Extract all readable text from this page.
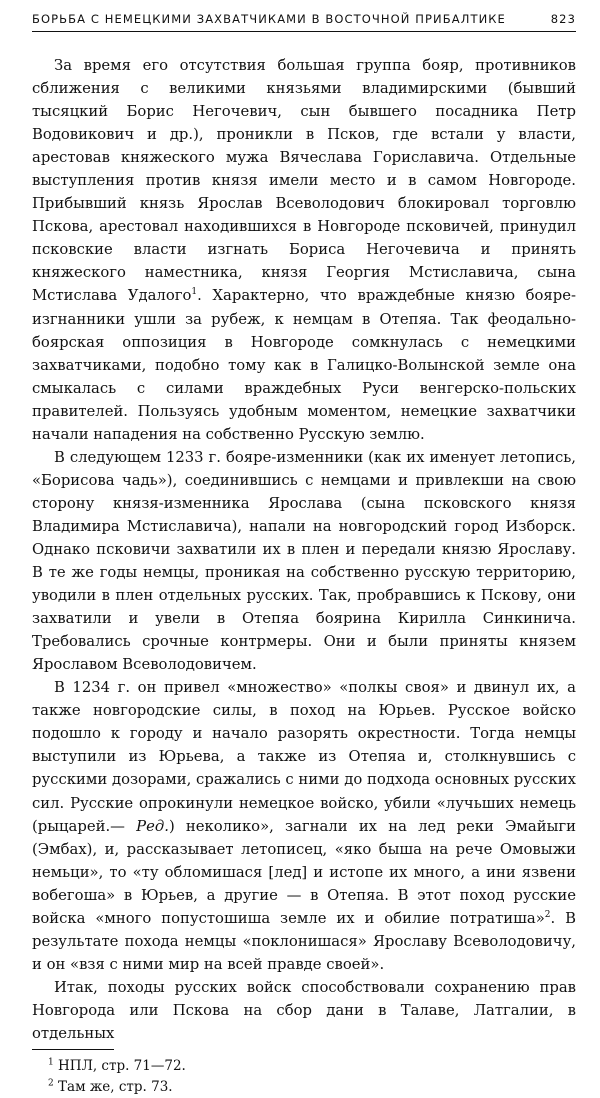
БОРЬБА С НЕМЕЦКИМИ ЗАХВАТЧИКАМИ В ВОСТОЧНОЙ ПРИБАЛТИКЕ	823

За время его отсутствия большая группа бояр, противников сближения с великими князьями владимирскими (бывший тысяцкий Борис Негочевич, сын бывшего посадника Петр Водовикович и др.), проникли в Псков, где встали у власти, арестовав княжеского мужа Вячеслава Гориславича. Отдельные выступления против князя имели место и в самом Новгороде. Прибывший князь Ярослав Всеволодович блокировал торговлю Пскова, арестовал находившихся в Новгороде псковичей, принудил псковские власти изгнать Бориса Негочевича и принять княжеского наместника, князя Георгия Мстиславича, сына Мстислава Удалого$^1$. Характерно, что враждебные князю бояре-изгнанники ушли за рубеж, к немцам в Отепяа. Так феодально-боярская оппозиция в Новгороде сомкнулась с немецкими захватчиками, подобно тому как в Галицко-Волынской земле она смыкалась с силами враждебных Руси венгерско-польских правителей. Пользуясь удобным моментом, немецкие захватчики начали нападения на собственно Русскую землю.

В следующем 1233 г. бояре-изменники (как их именует летопись, «Борисова чадь»), соединившись с немцами и привлекши на свою сторону князя-изменника Ярослава (сына псковского князя Владимира Мстиславича), напали на новгородский город Изборск. Однако псковичи захватили их в плен и передали князю Ярославу. В те же годы немцы, проникая на собственно русскую территорию, уводили в плен отдельных русских. Так, пробравшись к Пскову, они захватили и увели в Отепяа боярина Кирилла Синкинича. Требовались срочные контрмеры. Они и были приняты князем Ярославом Всеволодовичем.

В 1234 г. он привел «множество» «полкы своя» и двинул их, а также новгородские силы, в поход на Юрьев. Русское войско подошло к городу и начало разорять окрестности. Тогда немцы выступили из Юрьева, а также из Отепяа и, столкнувшись с русскими дозорами, сражались с ними до подхода основных русских сил. Русские опрокинули немецкое войско, убили «лучьших немець (рыцарей.— Ред.) неколико», загнали их на лед реки Эмайыги (Эмбах), и, рассказывает летописец, «яко быша на рече Омовыжи немьци», то «ту обломишася [лед] и истопе их много, а ини язвени вобегоша» в Юрьев, а другие — в Отепяа. В этот поход русские войска «много попустошиша земле их и обилие потратиша»$^2$. В результате похода немцы «поклонишася» Ярославу Всеволодовичу, и он «взя с ними мир на всей правде своей».

Итак, походы русских войск способствовали сохранению прав Новгорода или Пскова на сбор дани в Талаве, Латгалии, в отдельных

$^1$ НПЛ, стр. 71—72.

$^2$ Там же, стр. 73.
